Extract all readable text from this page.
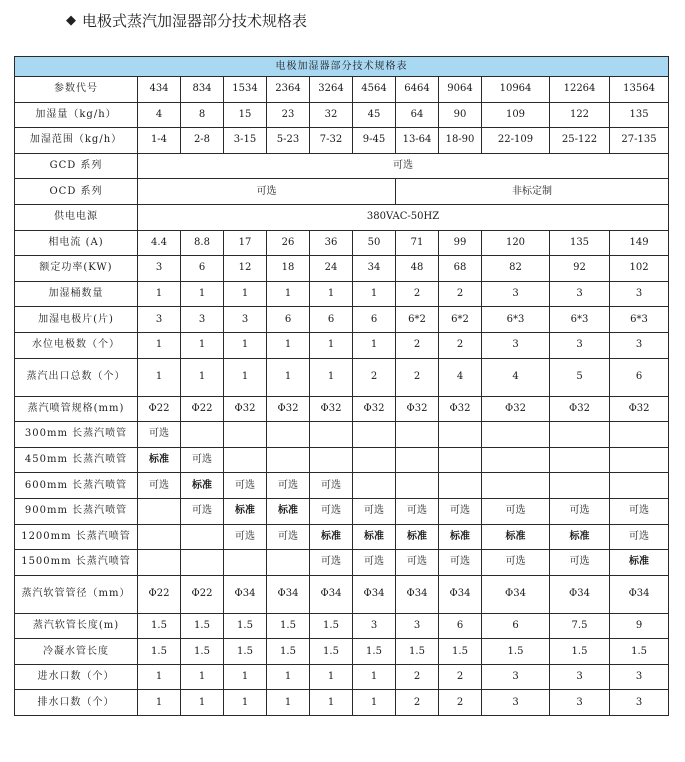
◆ 电极式蒸汽加湿器部分技术规格表
电极加湿器部分技术规格表											
参数代号	434	834	1534	2364	3264	4564	6464	9064	10964	12264	13564
加湿量（kg/h）	4	8	15	23	32	45	64	90	109	122	135
加湿范围（kg/h）	1-4	2-8	3-15	5-23	7-32	9-45	13-64	18-90	22-109	25-122	27-135
GCD 系列	可选										
OCD 系列	可选						非标定制				
供电电源	380VAC-50HZ										
相电流 (A)	4.4	8.8	17	26	36	50	71	99	120	135	149
额定功率(KW)	3	6	12	18	24	34	48	68	82	92	102
加湿桶数量	1	1	1	1	1	1	2	2	3	3	3
加湿电极片(片)	3	3	3	6	6	6	6*2	6*2	6*3	6*3	6*3
水位电极数（个）	1	1	1	1	1	1	2	2	3	3	3
蒸汽出口总数（个）	1	1	1	1	1	2	2	4	4	5	6
蒸汽喷管规格(mm)	Φ22	Φ22	Φ32	Φ32	Φ32	Φ32	Φ32	Φ32	Φ32	Φ32	Φ32
300mm 长蒸汽喷管	可选										
450mm 长蒸汽喷管	标准	可选									
600mm 长蒸汽喷管	可选	标准	可选	可选	可选						
900mm 长蒸汽喷管		可选	标准	标准	可选	可选	可选	可选	可选	可选	可选
1200mm 长蒸汽喷管			可选	可选	标准	标准	标准	标准	标准	标准	可选
1500mm 长蒸汽喷管					可选	可选	可选	可选	可选	可选	标准
蒸汽软管管径（mm）	Φ22	Φ22	Φ34	Φ34	Φ34	Φ34	Φ34	Φ34	Φ34	Φ34	Φ34
蒸汽软管长度(m)	1.5	1.5	1.5	1.5	1.5	3	3	6	6	7.5	9
冷凝水管长度	1.5	1.5	1.5	1.5	1.5	1.5	1.5	1.5	1.5	1.5	1.5
进水口数（个）	1	1	1	1	1	1	2	2	3	3	3
排水口数（个）	1	1	1	1	1	1	2	2	3	3	3
